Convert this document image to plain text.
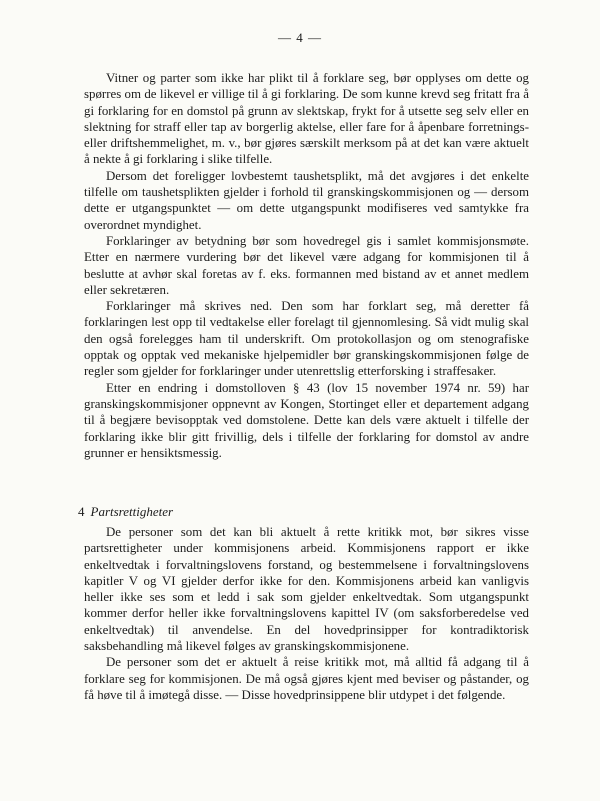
— 4 —

Vitner og parter som ikke har plikt til å forklare seg, bør opplyses om dette og spørres om de likevel er villige til å gi forklaring. De som kunne krevd seg fritatt fra å gi forklaring for en domstol på grunn av slektskap, frykt for å utsette seg selv eller en slektning for straff eller tap av borgerlig aktelse, eller fare for å åpenbare forretnings- eller driftshemmelighet, m. v., bør gjøres særskilt merksom på at det kan være aktuelt å nekte å gi forklaring i slike tilfelle.

Dersom det foreligger lovbestemt taushetsplikt, må det avgjøres i det enkelte tilfelle om taushetsplikten gjelder i forhold til granskingskommisjonen og — dersom dette er utgangspunktet — om dette utgangspunkt modifiseres ved samtykke fra overordnet myndighet.

Forklaringer av betydning bør som hovedregel gis i samlet kommisjonsmøte. Etter en nærmere vurdering bør det likevel være adgang for kommisjonen til å beslutte at avhør skal foretas av f. eks. formannen med bistand av et annet medlem eller sekretæren.

Forklaringer må skrives ned. Den som har forklart seg, må deretter få forklaringen lest opp til vedtakelse eller forelagt til gjennomlesing. Så vidt mulig skal den også forelegges ham til underskrift. Om protokollasjon og om stenografiske opptak og opptak ved mekaniske hjelpemidler bør granskingskommisjonen følge de regler som gjelder for forklaringer under utenrettslig etterforsking i straffesaker.

Etter en endring i domstolloven § 43 (lov 15 november 1974 nr. 59) har granskingskommisjoner oppnevnt av Kongen, Stortinget eller et departement adgang til å begjære bevisopptak ved domstolene. Dette kan dels være aktuelt i tilfelle der forklaring ikke blir gitt frivillig, dels i tilfelle der forklaring for domstol av andre grunner er hensiktsmessig.

4 Partsrettigheter

De personer som det kan bli aktuelt å rette kritikk mot, bør sikres visse partsrettigheter under kommisjonens arbeid. Kommisjonens rapport er ikke enkeltvedtak i forvaltningslovens forstand, og bestemmelsene i forvaltningslovens kapitler V og VI gjelder derfor ikke for den. Kommisjonens arbeid kan vanligvis heller ikke ses som et ledd i sak som gjelder enkeltvedtak. Som utgangspunkt kommer derfor heller ikke forvaltningslovens kapittel IV (om saksforberedelse ved enkeltvedtak) til anvendelse. En del hovedprinsipper for kontradiktorisk saksbehandling må likevel følges av granskingskommisjonene.

De personer som det er aktuelt å reise kritikk mot, må alltid få adgang til å forklare seg for kommisjonen. De må også gjøres kjent med beviser og påstander, og få høve til å imøtegå disse. — Disse hovedprinsippene blir utdypet i det følgende.
